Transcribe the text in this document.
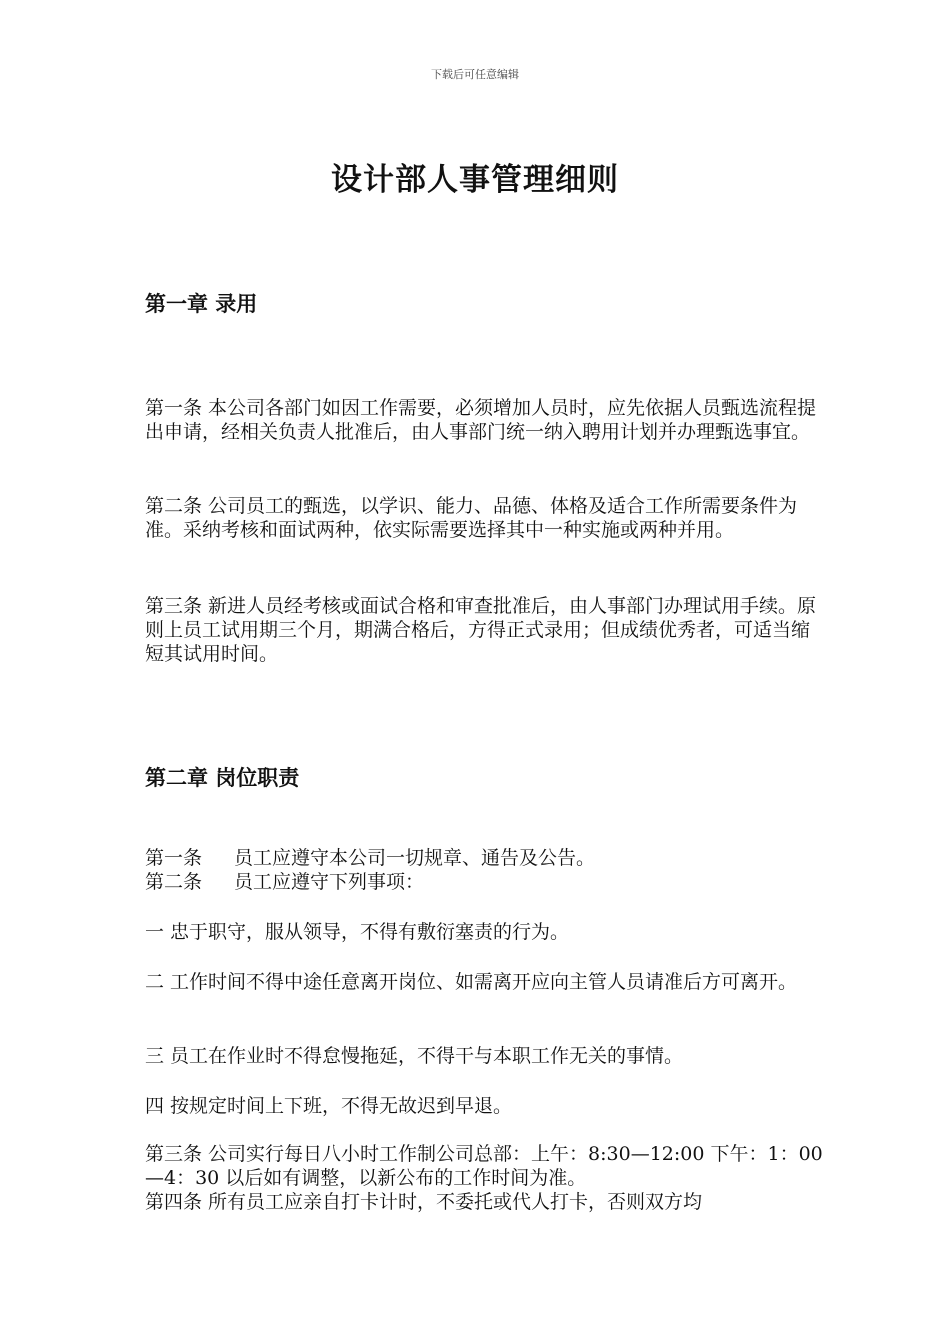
下载后可任意编辑
设计部人事管理细则
第一章 录用

第一条 本公司各部门如因工作需要，必须增加人员时，应先依据人员甄选流程提出申请，经相关负责人批准后，由人事部门统一纳入聘用计划并办理甄选事宜。

第二条 公司员工的甄选，以学识、能力、品德、体格及适合工作所需要条件为准。采纳考核和面试两种，依实际需要选择其中一种实施或两种并用。

第三条 新进人员经考核或面试合格和审查批准后，由人事部门办理试用手续。原则上员工试用期三个月，期满合格后，方得正式录用；但成绩优秀者，可适当缩短其试用时间。

第二章 岗位职责

第一条 员工应遵守本公司一切规章、通告及公告。

第二条 员工应遵守下列事项：

一 忠于职守，服从领导，不得有敷衍塞责的行为。

二 工作时间不得中途任意离开岗位、如需离开应向主管人员请准后方可离开。

三 员工在作业时不得怠慢拖延，不得干与本职工作无关的事情。

四 按规定时间上下班，不得无故迟到早退。

第三条 公司实行每日八小时工作制公司总部：上午：8:30—12:00 下午：1：00—4：30 以后如有调整，以新公布的工作时间为准。

第四条 所有员工应亲自打卡计时，不委托或代人打卡，否则双方均
